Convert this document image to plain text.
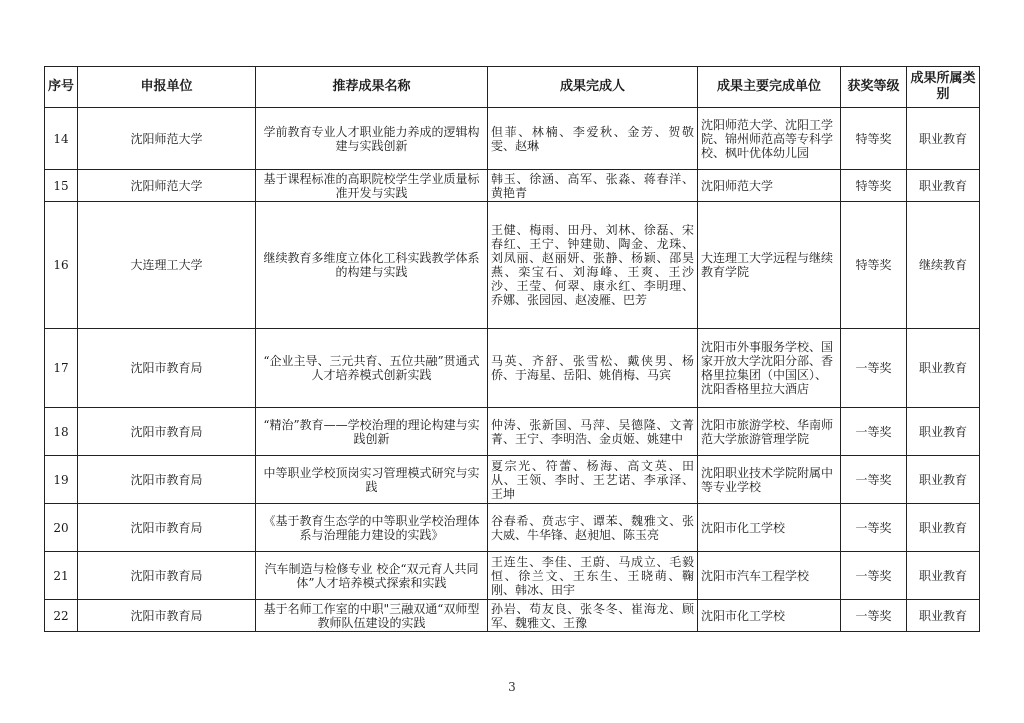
序号	申报单位	推荐成果名称	成果完成人	成果主要完成单位	获奖等级	成果所属类别
14	沈阳师范大学	学前教育专业人才职业能力养成的逻辑构建与实践创新	但菲、林楠、李爱秋、金芳、贺敬雯、赵琳	沈阳师范大学、沈阳工学院、锦州师范高等专科学校、枫叶优体幼儿园	特等奖	职业教育
15	沈阳师范大学	基于课程标准的高职院校学生学业质量标准开发与实践	韩玉、徐涵、高军、张淼、蒋春洋、黄艳青	沈阳师范大学	特等奖	职业教育
16	大连理工大学	继续教育多维度立体化工科实践教学体系的构建与实践	王健、梅雨、田丹、刘林、徐磊、宋春红、王宁、钟建勋、陶金、龙珠、刘凤丽、赵丽妍、张静、杨颖、邵昊燕、栾宝石、刘海峰、王爽、王沙沙、王莹、何翠、康永红、李明理、乔娜、张园园、赵凌雁、巴芳	大连理工大学远程与继续教育学院	特等奖	继续教育
17	沈阳市教育局	“企业主导、三元共育、五位共融”贯通式人才培养模式创新实践	马英、齐舒、张雪松、戴侠男、杨侨、于海星、岳阳、姚俏梅、马宾	沈阳市外事服务学校、国家开放大学沈阳分部、香格里拉集团（中国区）、沈阳香格里拉大酒店	一等奖	职业教育
18	沈阳市教育局	“精治”教育——学校治理的理论构建与实践创新	仲涛、张新国、马萍、吴德隆、文菁菁、王宁、李明浩、金贞姬、姚建中	沈阳市旅游学校、华南师范大学旅游管理学院	一等奖	职业教育
19	沈阳市教育局	中等职业学校顶岗实习管理模式研究与实践	夏宗光、符蕾、杨海、高文英、田从、王领、李时、王艺诺、李承泽、王坤	沈阳职业技术学院附属中等专业学校	一等奖	职业教育
20	沈阳市教育局	《基于教育生态学的中等职业学校治理体系与治理能力建设的实践》	谷春希、贲志宇、谭苯、魏雅文、张大威、牛华锋、赵昶旭、陈玉亮	沈阳市化工学校	一等奖	职业教育
21	沈阳市教育局	汽车制造与检修专业 校企“双元育人共同体”人才培养模式探索和实践	王连生、李佳、王蔚、马成立、毛毅恒、徐兰文、王东生、王晓萌、鞠刚、韩冰、田宇	沈阳市汽车工程学校	一等奖	职业教育
22	沈阳市教育局	基于名师工作室的中职"三融双通“双师型教师队伍建设的实践	孙岩、苟友良、张冬冬、崔海龙、顾军、魏雅文、王豫	沈阳市化工学校	一等奖	职业教育
3
